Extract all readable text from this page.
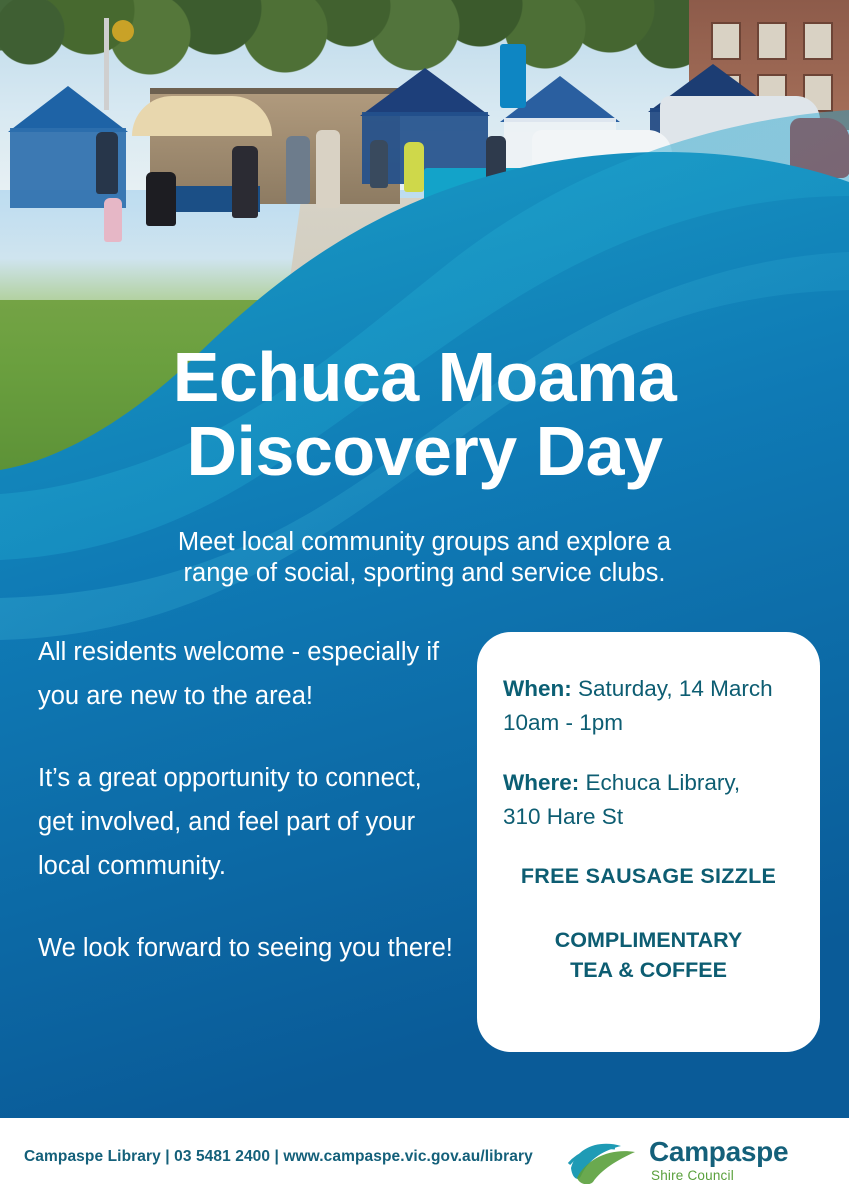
Echuca Moama
Discovery Day
Meet local community groups and explore a
range of social, sporting and service clubs.

All residents welcome - especially if you are new to the area!

It’s a great opportunity to connect, get involved, and feel part of your local community.

We look forward to seeing you there!

When: Saturday, 14 March
10am - 1pm
Where: Echuca Library,
310 Hare St
FREE SAUSAGE SIZZLE
COMPLIMENTARY
TEA & COFFEE
Campaspe Library | 03 5481 2400 | www.campaspe.vic.gov.au/library	Campaspe
Shire Council
